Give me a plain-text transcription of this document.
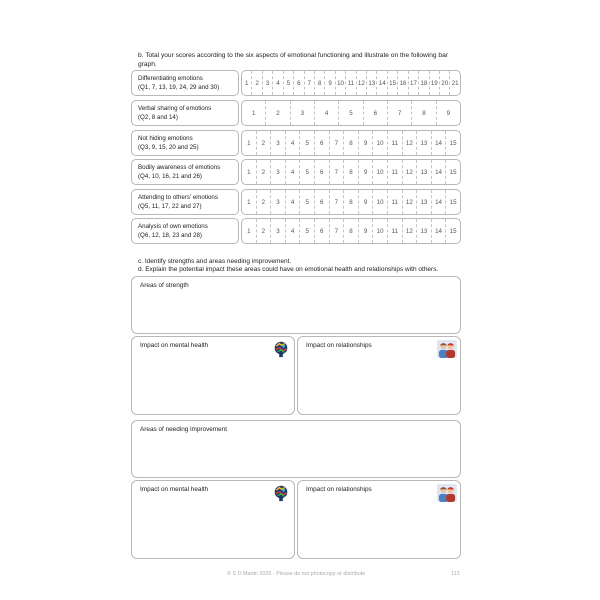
b. Total your scores according to the six aspects of emotional functioning and illustrate on the following bar graph.
Differentiating emotions
(Q1, 7, 13, 19, 24, 29 and 30)
1	2	3	4	5	6	7	8	9 10 11 12 13 14 15 16 17 18 19 20 21
Verbal sharing of emotions
(Q2, 8 and 14)
1	2	3	4	5	6	7	8	9
Not hiding emotions
(Q3, 9, 15, 20 and 25)
1	2	3	4	5	6	7	8	9	10	11	12	13	14	15
Bodily awareness of emotions
(Q4, 10, 16, 21 and 26)
1	2	3	4	5	6	7	8	9	10	11	12	13	14	15
Attending to others' emotions
(Q5, 11, 17, 22 and 27)
1	2	3	4	5	6	7	8	9	10	11	12	13	14	15
Analysis of own emotions
(Q6, 12, 18, 23 and 28)
1	2	3	4	5	6	7	8	9	10	11	12	13	14	15
c. Identify strengths and areas needing improvement.
d. Explain the potential impact these areas could have on emotional health and relationships with others.
Areas of strength
Impact on mental health	Impact on relationships
Areas of needing improvement
Impact on mental health	Impact on relationships
© S D Martin 2026 - Please do not photocopy or distribute	113
